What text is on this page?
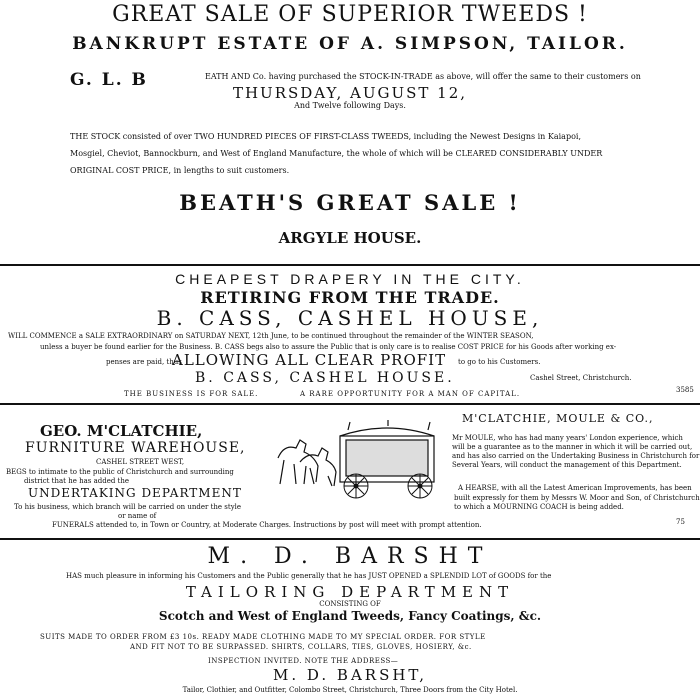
GREAT SALE OF SUPERIOR TWEEDS !
BANKRUPT ESTATE OF A. SIMPSON, TAILOR.
G. L. B	EATH AND Co. having purchased the STOCK-IN-TRADE as above, will offer the same to their customers on
THURSDAY, AUGUST 12,
And Twelve following Days.
THE STOCK consisted of over TWO HUNDRED PIECES OF FIRST-CLASS TWEEDS, including the Newest Designs in Kaiapoi,
Mosgiel, Cheviot, Bannockburn, and West of England Manufacture, the whole of which will be CLEARED CONSIDERABLY UNDER
ORIGINAL COST PRICE, in lengths to suit customers.
BEATH'S GREAT SALE !
ARGYLE HOUSE.
CHEAPEST DRAPERY IN THE CITY.
RETIRING FROM THE TRADE.
B. CASS, CASHEL HOUSE,
WILL COMMENCE a SALE EXTRAORDINARY on SATURDAY NEXT, 12th June, to be continued throughout the remainder of the WINTER SEASON,
unless a buyer be found earlier for the Business. B. CASS begs also to assure the Public that is only care is to realise COST PRICE for his Goods after working ex-
penses are paid, thus
ALLOWING ALL CLEAR PROFIT to go to his Customers.
B. CASS, CASHEL HOUSE.	Cashel Street, Christchurch.
THE BUSINESS IS FOR SALE.	A RARE OPPORTUNITY FOR A MAN OF CAPITAL.	3585
GEO. M'CLATCHIE,
FURNITURE WAREHOUSE,
CASHEL STREET WEST,
BEGS to intimate to the public of Christchurch and surrounding
district that he has added the
UNDERTAKING DEPARTMENT
To his business, which branch will be carried on under the style
or name of
M'CLATCHIE, MOULE & CO.,
Mr MOULE, who has had many years' London experience, which
will be a guarantee as to the manner in which it will be carried out,
and has also carried on the Undertaking Business in Christchurch for
Several Years, will conduct the management of this Department.
A HEARSE, with all the Latest American Improvements, has been
built expressly for them by Messrs W. Moor and Son, of Christchurch
to which a MOURNING COACH is being added.
FUNERALS attended to, in Town or Country, at Moderate Charges. Instructions by post will meet with prompt attention.	75
M. D. BARSHT
HAS much pleasure in informing his Customers and the Public generally that he has JUST OPENED a SPLENDID LOT of GOODS for the
TAILORING DEPARTMENT
CONSISTING OF
Scotch and West of England Tweeds, Fancy Coatings, &c.
SUITS MADE TO ORDER FROM £3 10s. READY MADE CLOTHING MADE TO MY SPECIAL ORDER. FOR STYLE
AND FIT NOT TO BE SURPASSED. SHIRTS, COLLARS, TIES, GLOVES, HOSIERY, &c.
INSPECTION INVITED. NOTE THE ADDRESS—
M. D. BARSHT,
Tailor, Clothier, and Outfitter, Colombo Street, Christchurch, Three Doors from the City Hotel.
